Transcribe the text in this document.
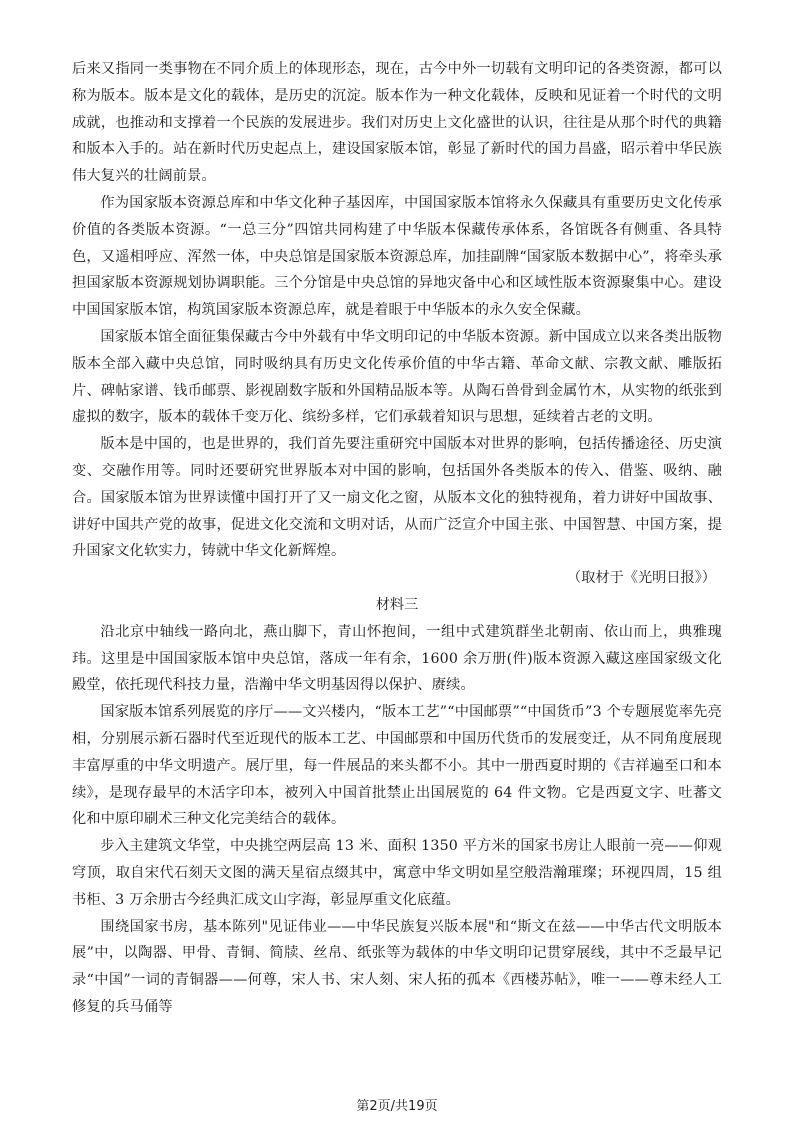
后来又指同一类事物在不同介质上的体现形态，现在，古今中外一切载有文明印记的各类资源，都可以称为版本。版本是文化的载体，是历史的沉淀。版本作为一种文化载体，反映和见证着一个时代的文明成就，也推动和支撑着一个民族的发展进步。我们对历史上文化盛世的认识，往往是从那个时代的典籍和版本入手的。站在新时代历史起点上，建设国家版本馆，彰显了新时代的国力昌盛，昭示着中华民族伟大复兴的壮阔前景。

作为国家版本资源总库和中华文化种子基因库，中国国家版本馆将永久保藏具有重要历史文化传承价值的各类版本资源。“一总三分”四馆共同构建了中华版本保藏传承体系，各馆既各有侧重、各具特色，又遥相呼应、浑然一体，中央总馆是国家版本资源总库，加挂副牌“国家版本数据中心”，将牵头承担国家版本资源规划协调职能。三个分馆是中央总馆的异地灾备中心和区域性版本资源聚集中心。建设中国国家版本馆，构筑国家版本资源总库，就是着眼于中华版本的永久安全保藏。

国家版本馆全面征集保藏古今中外载有中华文明印记的中华版本资源。新中国成立以来各类出版物版本全部入藏中央总馆，同时吸纳具有历史文化传承价值的中华古籍、革命文献、宗教文献、雕版拓片、碑帖家谱、钱币邮票、影视剧数字版和外国精品版本等。从陶石兽骨到金属竹木，从实物的纸张到虚拟的数字，版本的载体千变万化、缤纷多样，它们承载着知识与思想，延续着古老的文明。

版本是中国的，也是世界的，我们首先要注重研究中国版本对世界的影响，包括传播途径、历史演变、交融作用等。同时还要研究世界版本对中国的影响，包括国外各类版本的传入、借鉴、吸纳、融合。国家版本馆为世界读懂中国打开了又一扇文化之窗，从版本文化的独特视角，着力讲好中国故事、讲好中国共产党的故事，促进文化交流和文明对话，从而广泛宣介中国主张、中国智慧、中国方案，提升国家文化软实力，铸就中华文化新辉煌。

（取材于《光明日报》）

材料三

沿北京中轴线一路向北，燕山脚下，青山怀抱间，一组中式建筑群坐北朝南、依山而上，典雅瑰玮。这里是中国国家版本馆中央总馆，落成一年有余，1600 余万册(件)版本资源入藏这座国家级文化殿堂，依托现代科技力量，浩瀚中华文明基因得以保护、赓续。

国家版本馆系列展览的序厅——文兴楼内，“版本工艺”“中国邮票”“中国货币”3 个专题展览率先亮相，分别展示新石器时代至近现代的版本工艺、中国邮票和中国历代货币的发展变迁，从不同角度展现丰富厚重的中华文明遗产。展厅里，每一件展品的来头都不小。其中一册西夏时期的《吉祥遍至口和本续》，是现存最早的木活字印本，被列入中国首批禁止出国展览的 64 件文物。它是西夏文字、吐蕃文化和中原印刷术三种文化完美结合的载体。

步入主建筑文华堂，中央挑空两层高 13 米、面积 1350 平方米的国家书房让人眼前一亮——仰观穹顶，取自宋代石刻天文图的满天星宿点缀其中，寓意中华文明如星空般浩瀚璀璨；环视四周，15 组书柜、3 万余册古今经典汇成文山字海，彰显厚重文化底蕴。

围绕国家书房，基本陈列"见证伟业——中华民族复兴版本展"和“斯文在兹——中华古代文明版本展”中，以陶器、甲骨、青铜、简牍、丝帛、纸张等为载体的中华文明印记贯穿展线，其中不乏最早记录“中国”一词的青铜器——何尊，宋人书、宋人刻、宋人拓的孤本《西楼苏帖》，唯一——尊未经人工修复的兵马俑等

第2页/共19页
